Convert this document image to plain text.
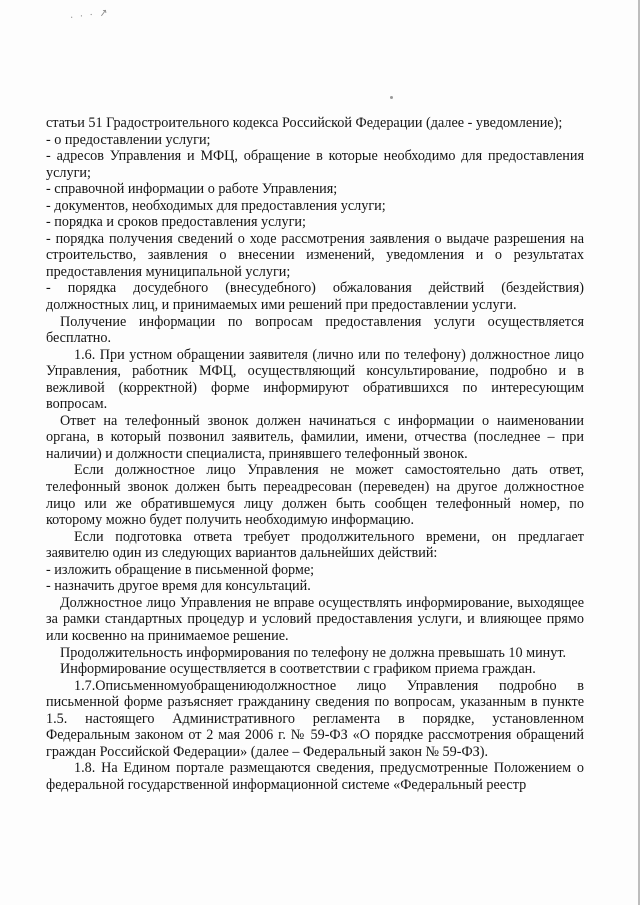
· · · ↗

статьи 51 Градостроительного кодекса Российской Федерации (далее - уведомление);

- о предоставлении услуги;

- адресов Управления и МФЦ, обращение в которые необходимо для предоставления услуги;

- справочной информации о работе Управления;

- документов, необходимых для предоставления услуги;

- порядка и сроков предоставления услуги;

- порядка получения сведений о ходе рассмотрения заявления о выдаче разрешения на строительство, заявления о внесении изменений, уведомления и о результатах предоставления муниципальной услуги;

- порядка досудебного (внесудебного) обжалования действий (бездействия) должностных лиц, и принимаемых ими решений при предоставлении услуги.

Получение информации по вопросам предоставления услуги осуществляется бесплатно.

1.6. При устном обращении заявителя (лично или по телефону) должностное лицо Управления, работник МФЦ, осуществляющий консультирование, подробно и в вежливой (корректной) форме информируют обратившихся по интересующим вопросам.

Ответ на телефонный звонок должен начинаться с информации о наименовании органа, в который позвонил заявитель, фамилии, имени, отчества (последнее – при наличии) и должности специалиста, принявшего телефонный звонок.

Если должностное лицо Управления не может самостоятельно дать ответ, телефонный звонок должен быть переадресован (переведен) на другое должностное лицо или же обратившемуся лицу должен быть сообщен телефонный номер, по которому можно будет получить необходимую информацию.

Если подготовка ответа требует продолжительного времени, он предлагает заявителю один из следующих вариантов дальнейших действий:

- изложить обращение в письменной форме;

- назначить другое время для консультаций.

Должностное лицо Управления не вправе осуществлять информирование, выходящее за рамки стандартных процедур и условий предоставления услуги, и влияющее прямо или косвенно на принимаемое решение.

Продолжительность информирования по телефону не должна превышать 10 минут.

Информирование осуществляется в соответствии с графиком приема граждан.

1.7.Описьменномуобращениюдолжностное лицо Управления подробно в письменной форме разъясняет гражданину сведения по вопросам, указанным в пункте 1.5. настоящего Административного регламента в порядке, установленном Федеральным законом от 2 мая 2006 г. № 59-ФЗ «О порядке рассмотрения обращений граждан Российской Федерации» (далее – Федеральный закон № 59-ФЗ).

1.8. На Едином портале размещаются сведения, предусмотренные Положением о федеральной государственной информационной системе «Федеральный реестр
